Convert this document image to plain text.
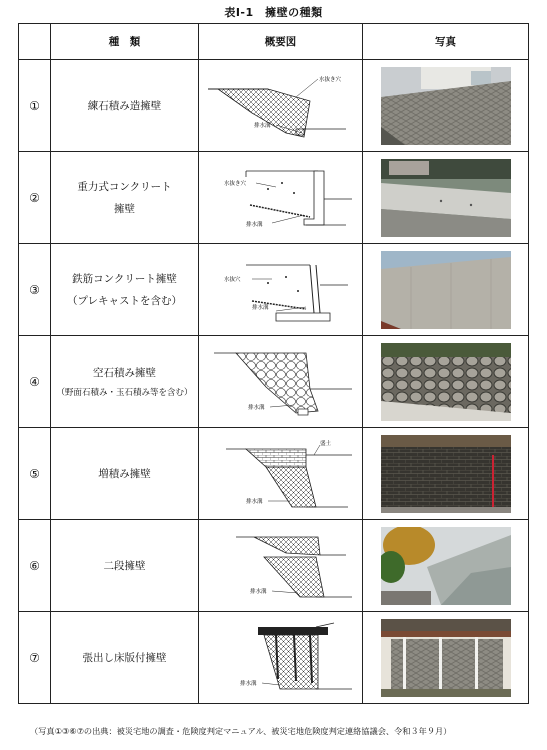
表Ⅰ-1　擁壁の種類
	種　類	概要図	写真
①	練石積み造擁壁	水抜き穴
排水溝

②	重力式コンクリート
擁壁	水抜き穴
排水溝

③	鉄筋コンクリート擁壁
（プレキャストを含む）	水抜穴
排水溝

④	空石積み擁壁
（野面石積み・玉石積み等を含む）	排水溝

⑤	増積み擁壁	盛土
排水溝

⑥	二段擁壁	排水溝

⑦	張出し床版付擁壁	排水溝

（写真①③⑥⑦の出典：被災宅地の調査・危険度判定マニュアル、被災宅地危険度判定連絡協議会、令和３年９月）
